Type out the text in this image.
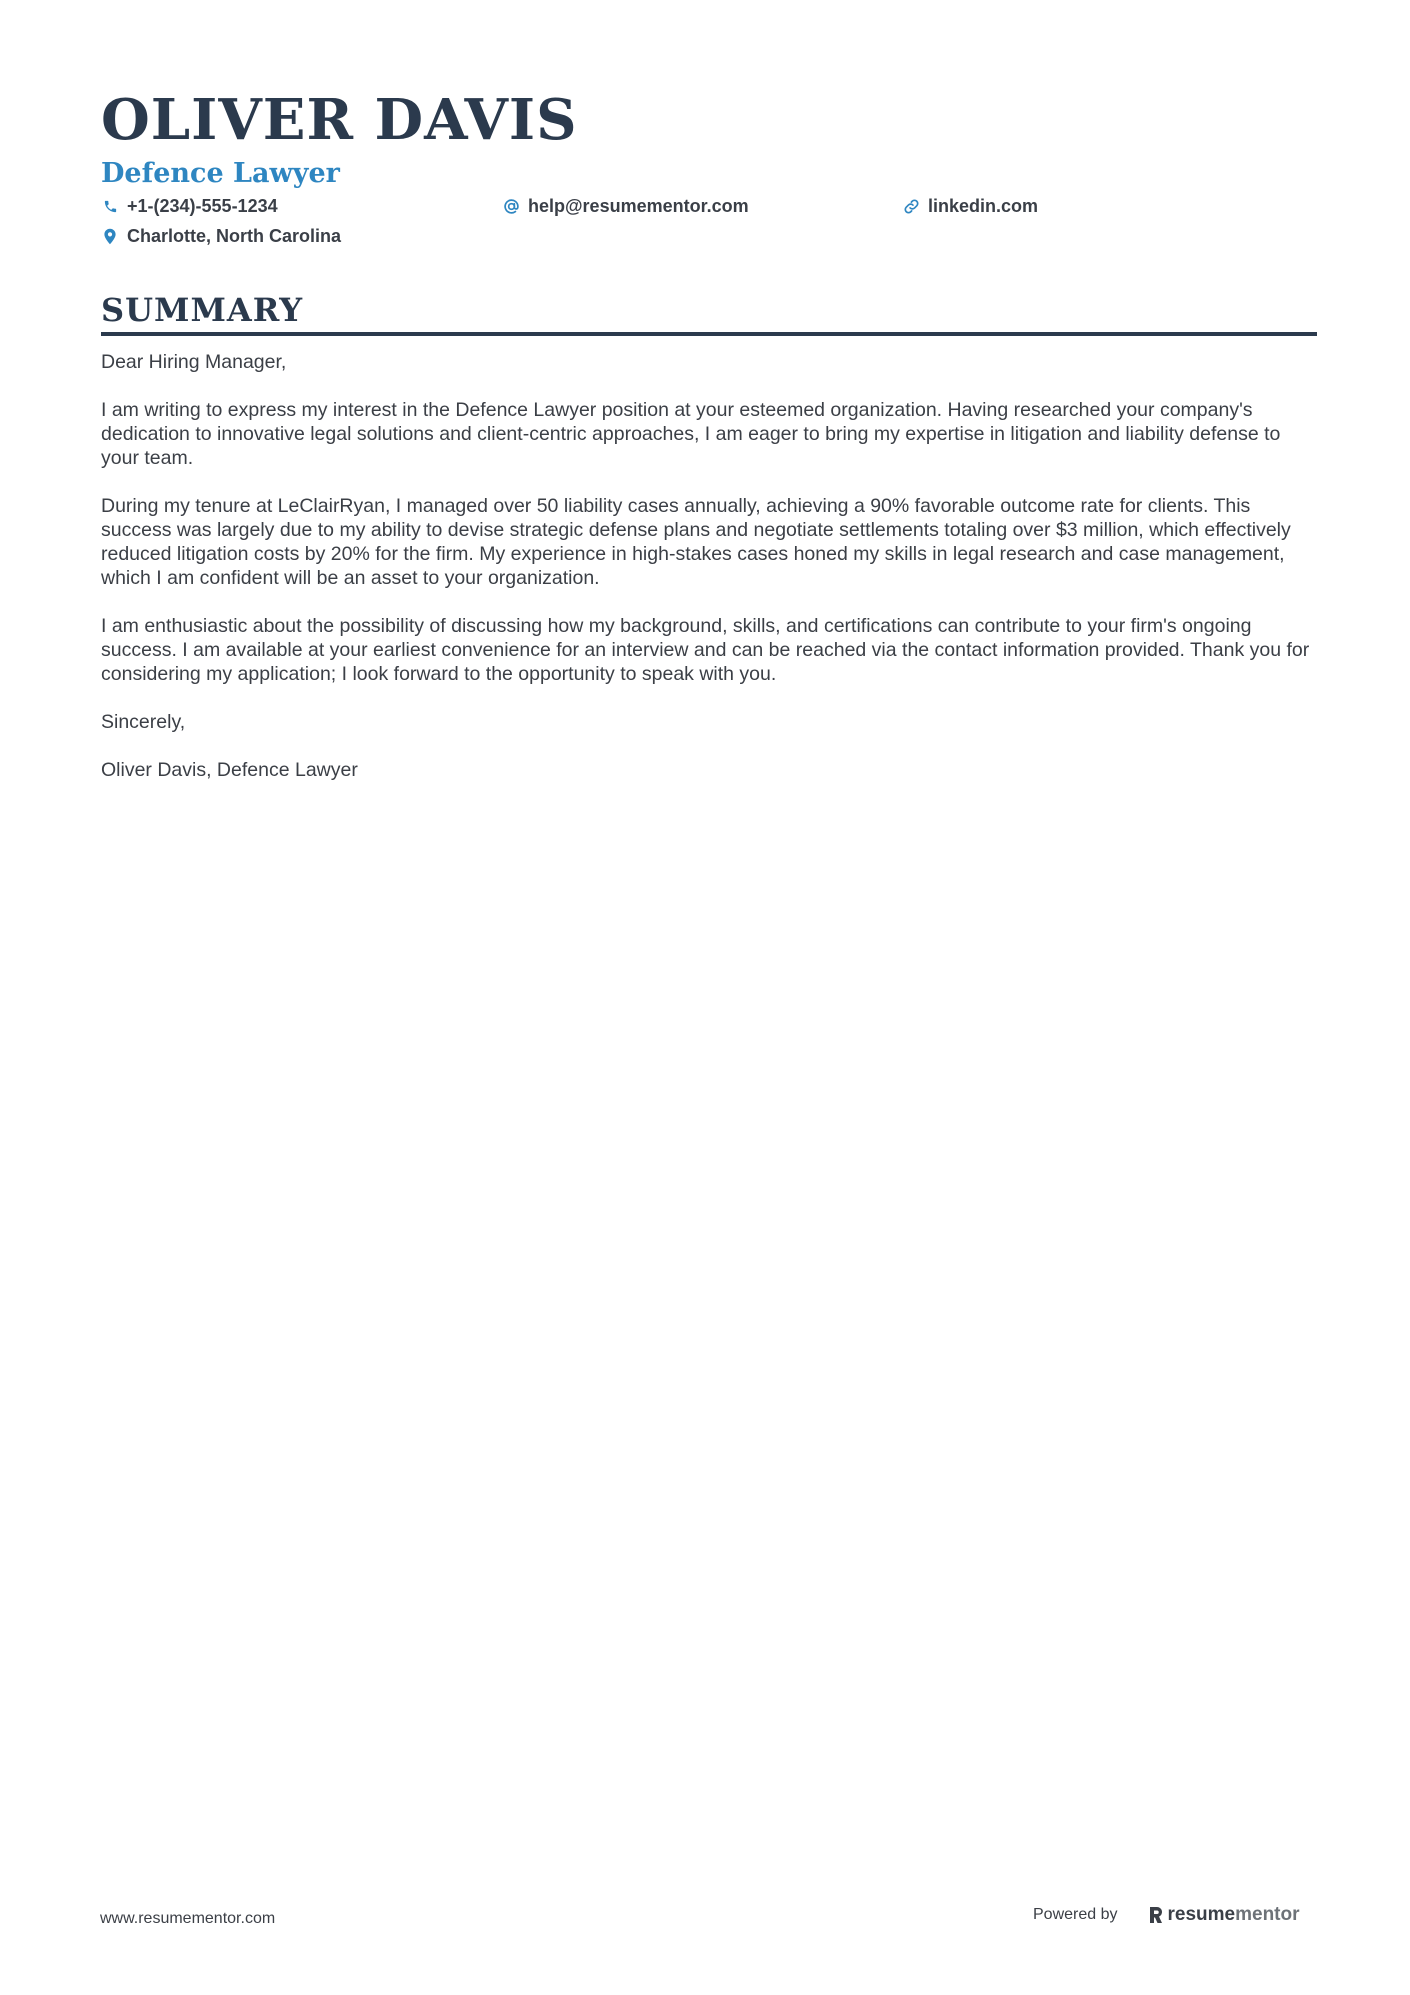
OLIVER DAVIS
Defence Lawyer
+1-(234)-555-1234	help@resumementor.com	linkedin.com
Charlotte, North Carolina
SUMMARY

Dear Hiring Manager,

I am writing to express my interest in the Defence Lawyer position at your esteemed organization. Having researched your company's dedication to innovative legal solutions and client-centric approaches, I am eager to bring my expertise in litigation and liability defense to your team.

During my tenure at LeClairRyan, I managed over 50 liability cases annually, achieving a 90% favorable outcome rate for clients. This success was largely due to my ability to devise strategic defense plans and negotiate settlements totaling over $3 million, which effectively reduced litigation costs by 20% for the firm. My experience in high-stakes cases honed my skills in legal research and case management, which I am confident will be an asset to your organization.

I am enthusiastic about the possibility of discussing how my background, skills, and certifications can contribute to your firm's ongoing success. I am available at your earliest convenience for an interview and can be reached via the contact information provided. Thank you for considering my application; I look forward to the opportunity to speak with you.

Sincerely,

Oliver Davis, Defence Lawyer

www.resumementor.com	Powered by	resume mentor
